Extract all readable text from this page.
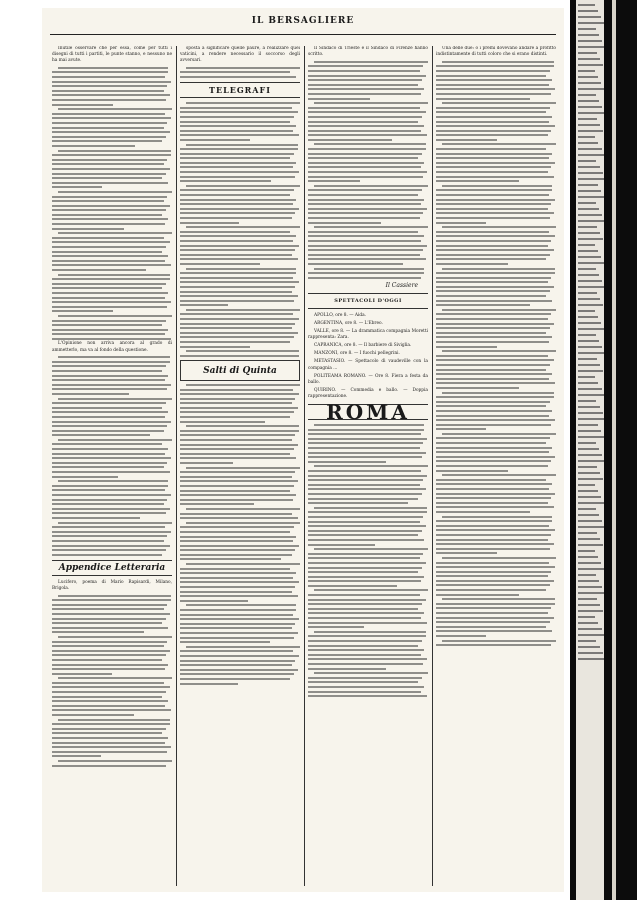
IL BERSAGLIERE

Inutile osservare che per essa, come per tutti i disegni di tutti i partiti, le punte stanno, e nessuno ne ha mai avute.

L'Opinione non arriva ancora al grado di ammetterlo, ma va al fondo della questione.

Appendice Letteraria

Lucifero, poema di Mario Rapisardi, Milano, Brigola.

sposta a significare quelle paure, a realizzare quei vaticini, a rendere necessario il soccorso degli avversari.

TELEGRAFI
Salti di Quinta

Il Sindaco di Trieste e il Sindaco di Firenze hanno scritto.

Il Cassiere
SPETTACOLI D'OGGI

APOLLO, ore 8. — Aida.

ARGENTINA, ore 8. — L'Ebreo.

VALLE, ore 8. — La drammatica compagnia Moretti rappresenta: Zara.

CAPRANICA, ore 8. — Il barbiere di Siviglia.

MANZONI, ore 8. — I fuochi pellegrini.

METASTASIO. — Spettacolo di vaudeville con la compagnia ...

POLITEAMA ROMANO. — Ore 8. Fiera a festa da ballo.

QUIRINO. — Commedia e ballo. — Doppia rappresentazione.

ROMA

Una delle due: o i premi dovevano andare a profitto indistintamente di tutti coloro che si erano distinti.
